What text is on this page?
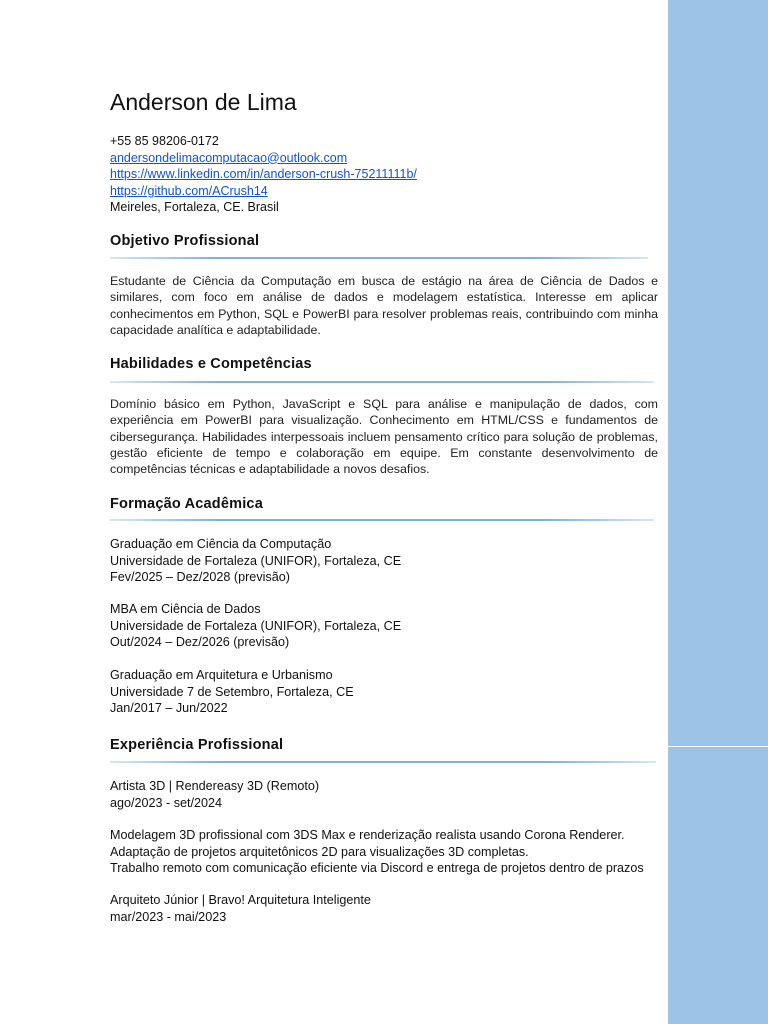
Anderson de Lima
+55 85 98206-0172
andersondelimacomputacao@outlook.com
https://www.linkedin.com/in/anderson-crush-75211111b/
https://github.com/ACrush14
Meireles, Fortaleza, CE. Brasil
Objetivo Profissional
Estudante de Ciência da Computação em busca de estágio na área de Ciência de Dados e similares, com foco em análise de dados e modelagem estatística. Interesse em aplicar conhecimentos em Python, SQL e PowerBI para resolver problemas reais, contribuindo com minha capacidade analítica e adaptabilidade.
Habilidades e Competências
Domínio básico em Python, JavaScript e SQL para análise e manipulação de dados, com experiência em PowerBI para visualização. Conhecimento em HTML/CSS e fundamentos de cibersegurança. Habilidades interpessoais incluem pensamento crítico para solução de problemas, gestão eficiente de tempo e colaboração em equipe. Em constante desenvolvimento de competências técnicas e adaptabilidade a novos desafios.
Formação Acadêmica
Graduação em Ciência da Computação
Universidade de Fortaleza (UNIFOR), Fortaleza, CE
Fev/2025 – Dez/2028 (previsão)
MBA em Ciência de Dados
Universidade de Fortaleza (UNIFOR), Fortaleza, CE
Out/2024 – Dez/2026 (previsão)
Graduação em Arquitetura e Urbanismo
Universidade 7 de Setembro, Fortaleza, CE
Jan/2017 – Jun/2022
Experiência Profissional
Artista 3D | Rendereasy 3D (Remoto)
ago/2023 - set/2024
Modelagem 3D profissional com 3DS Max e renderização realista usando Corona Renderer.
Adaptação de projetos arquitetônicos 2D para visualizações 3D completas.
Trabalho remoto com comunicação eficiente via Discord e entrega de projetos dentro de prazos
Arquiteto Júnior | Bravo! Arquitetura Inteligente
mar/2023 - mai/2023
